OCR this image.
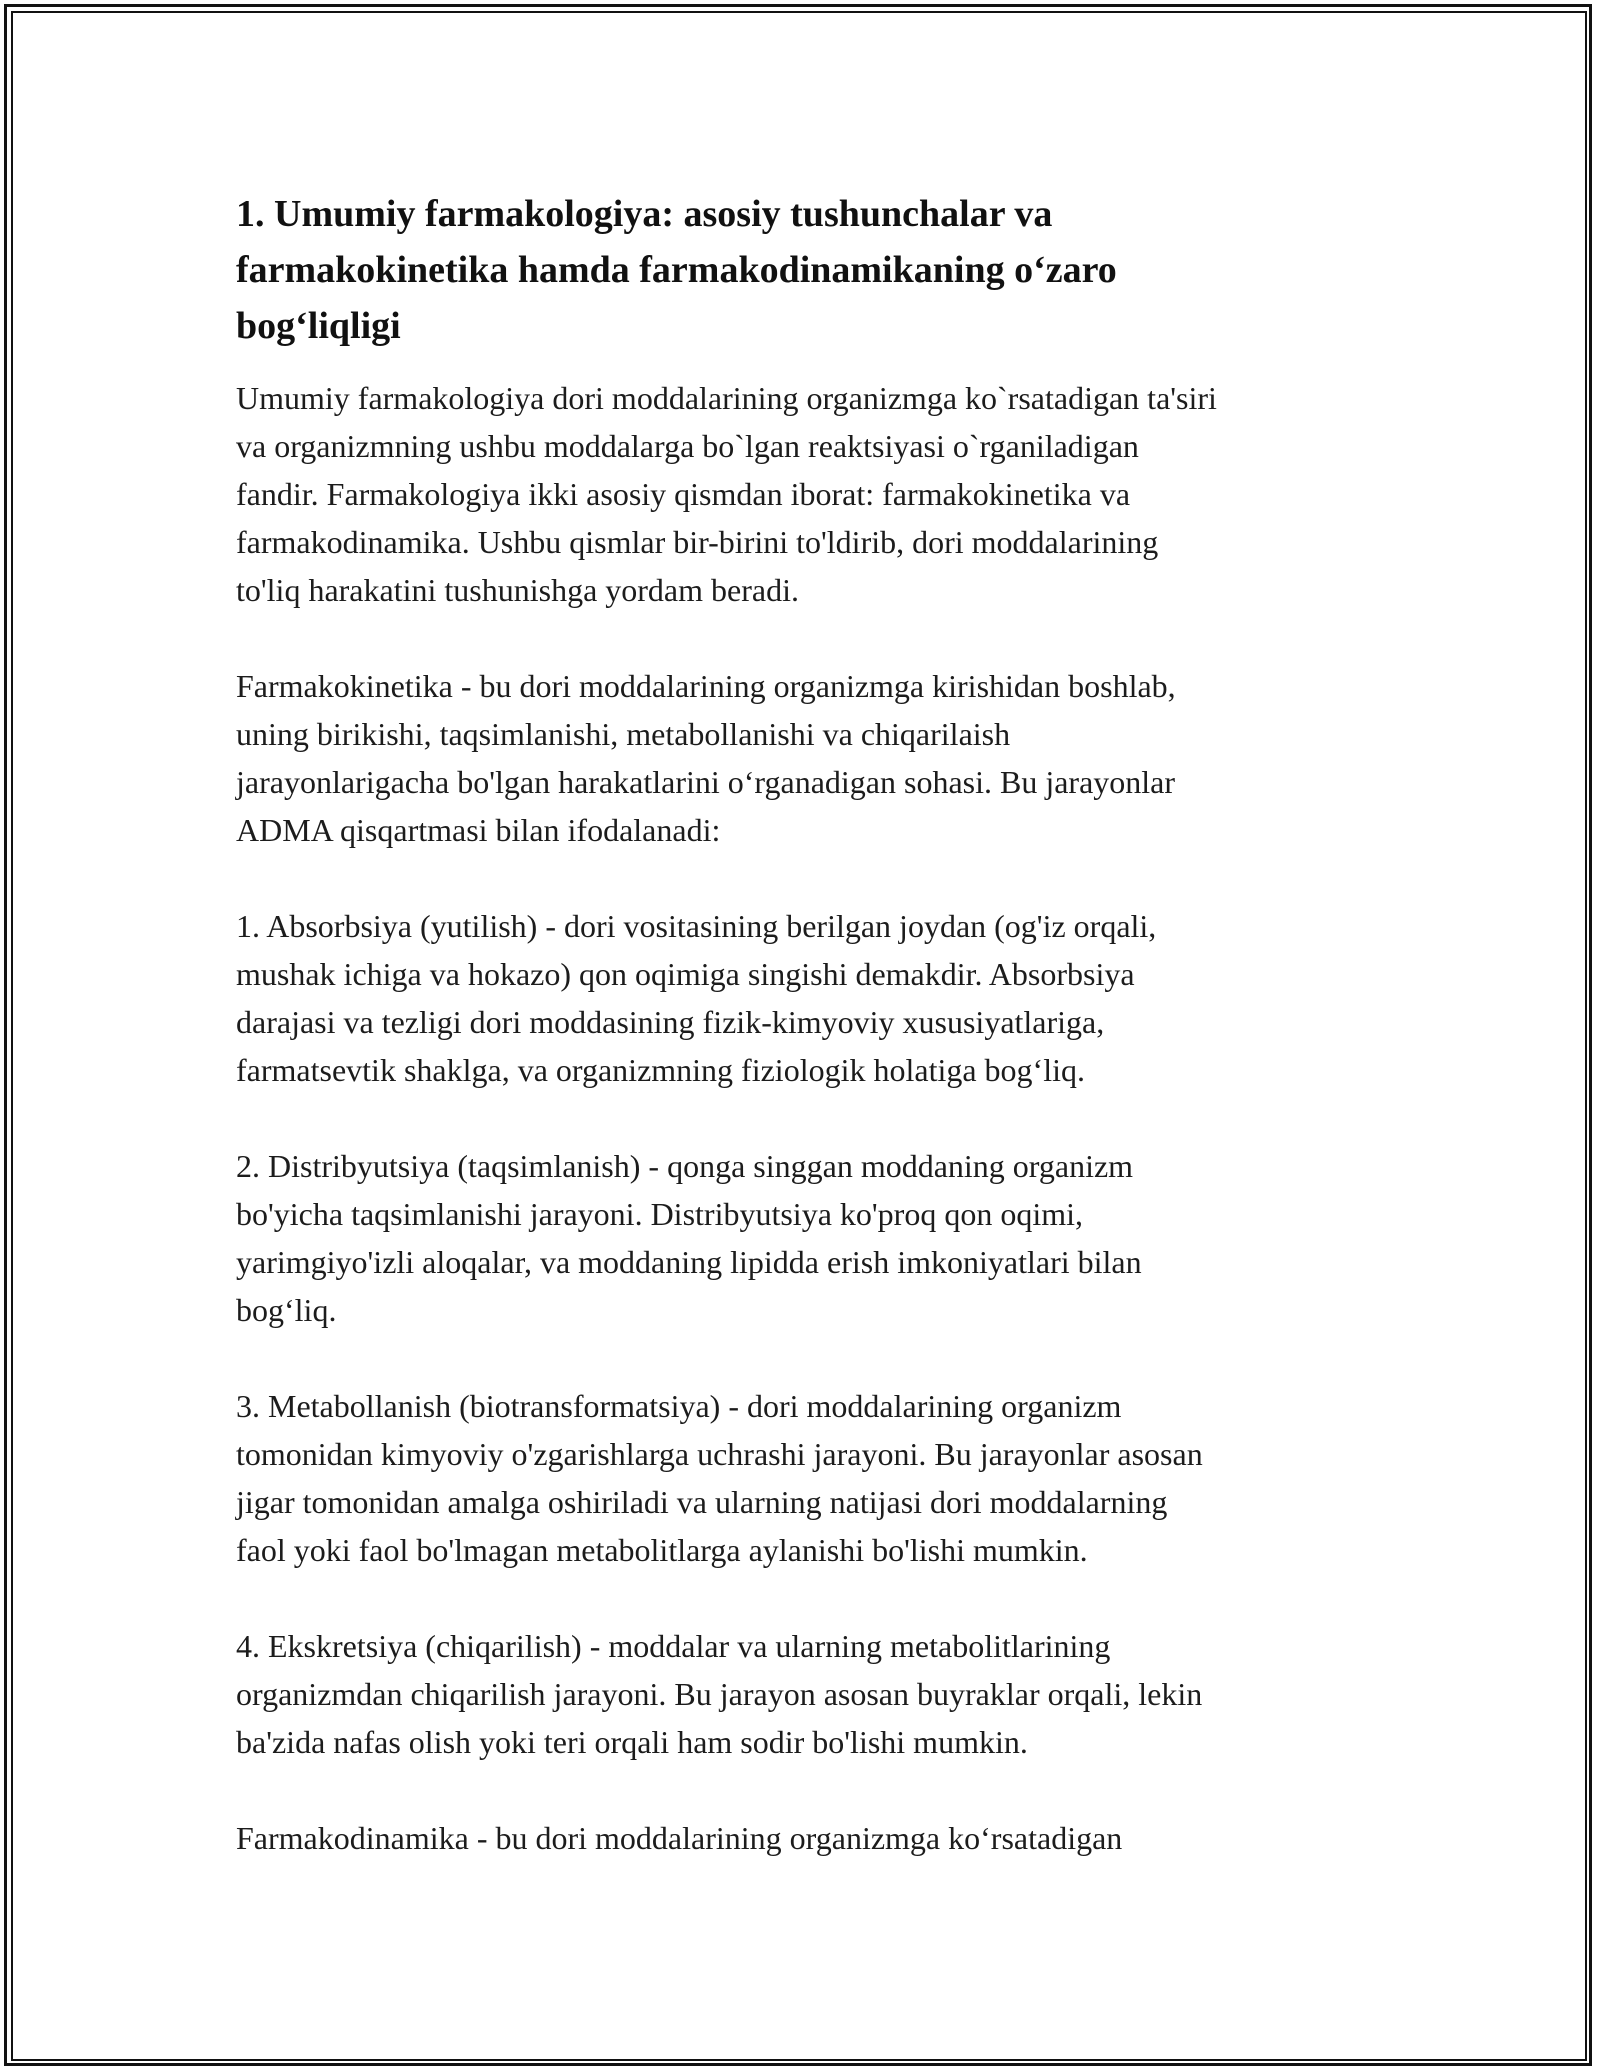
1. Umumiy farmakologiya: asosiy tushunchalar va
farmakokinetika hamda farmakodinamikaning o‘zaro
bog‘liqligi

Umumiy farmakologiya dori moddalarining organizmga ko`rsatadigan ta'siri
va organizmning ushbu moddalarga bo`lgan reaktsiyasi o`rganiladigan
fandir. Farmakologiya ikki asosiy qismdan iborat: farmakokinetika va
farmakodinamika. Ushbu qismlar bir-birini to'ldirib, dori moddalarining
to'liq harakatini tushunishga yordam beradi.

Farmakokinetika - bu dori moddalarining organizmga kirishidan boshlab,
uning birikishi, taqsimlanishi, metabollanishi va chiqarilaish
jarayonlarigacha bo'lgan harakatlarini o‘rganadigan sohasi. Bu jarayonlar
ADMA qisqartmasi bilan ifodalanadi:

1. Absorbsiya (yutilish) - dori vositasining berilgan joydan (og'iz orqali,
mushak ichiga va hokazo) qon oqimiga singishi demakdir. Absorbsiya
darajasi va tezligi dori moddasining fizik-kimyoviy xususiyatlariga,
farmatsevtik shaklga, va organizmning fiziologik holatiga bog‘liq.

2. Distribyutsiya (taqsimlanish) - qonga singgan moddaning organizm
bo'yicha taqsimlanishi jarayoni. Distribyutsiya ko'proq qon oqimi,
yarimgiyo'izli aloqalar, va moddaning lipidda erish imkoniyatlari bilan
bog‘liq.

3. Metabollanish (biotransformatsiya) - dori moddalarining organizm
tomonidan kimyoviy o'zgarishlarga uchrashi jarayoni. Bu jarayonlar asosan
jigar tomonidan amalga oshiriladi va ularning natijasi dori moddalarning
faol yoki faol bo'lmagan metabolitlarga aylanishi bo'lishi mumkin.

4. Ekskretsiya (chiqarilish) - moddalar va ularning metabolitlarining
organizmdan chiqarilish jarayoni. Bu jarayon asosan buyraklar orqali, lekin
ba'zida nafas olish yoki teri orqali ham sodir bo'lishi mumkin.

Farmakodinamika - bu dori moddalarining organizmga ko‘rsatadigan
